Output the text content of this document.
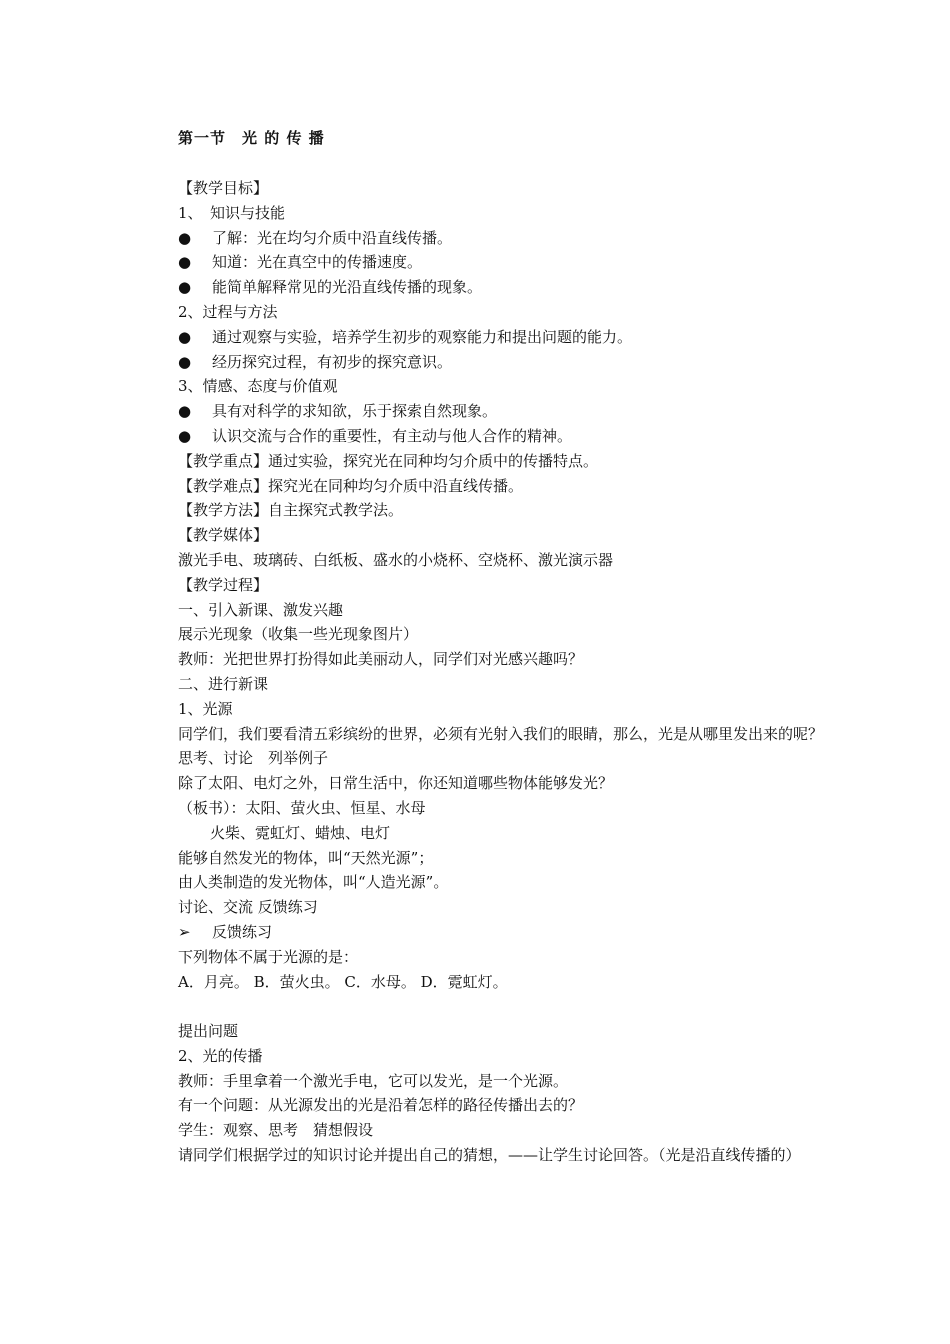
第一节　光 的 传 播
【教学目标】
1、　知识与技能
● 了解：光在均匀介质中沿直线传播。
● 知道：光在真空中的传播速度。
● 能简单解释常见的光沿直线传播的现象。
2、过程与方法
● 通过观察与实验，培养学生初步的观察能力和提出问题的能力。
● 经历探究过程，有初步的探究意识。
3、情感、态度与价值观
● 具有对科学的求知欲，乐于探索自然现象。
● 认识交流与合作的重要性，有主动与他人合作的精神。
【教学重点】通过实验，探究光在同种均匀介质中的传播特点。
【教学难点】探究光在同种均匀介质中沿直线传播。
【教学方法】自主探究式教学法。
【教学媒体】
激光手电、玻璃砖、白纸板、盛水的小烧杯、空烧杯、激光演示器
【教学过程】
一、引入新课、激发兴趣
展示光现象（收集一些光现象图片）
教师：光把世界打扮得如此美丽动人，同学们对光感兴趣吗？
二、进行新课
1、光源
同学们，我们要看清五彩缤纷的世界，必须有光射入我们的眼睛，那么，光是从哪里发出来的呢？
思考、讨论　列举例子
除了太阳、电灯之外，日常生活中，你还知道哪些物体能够发光？
（板书）：太阳、萤火虫、恒星、水母
火柴、霓虹灯、蜡烛、电灯
能够自然发光的物体，叫“天然光源”；
由人类制造的发光物体，叫“人造光源”。
讨论、交流 反馈练习
➢ 反馈练习
下列物体不属于光源的是：
A．月亮。 B．萤火虫。 C．水母。 D．霓虹灯。
提出问题
2、光的传播
教师：手里拿着一个激光手电，它可以发光，是一个光源。
有一个问题：从光源发出的光是沿着怎样的路径传播出去的？
学生：观察、思考　猜想假设
请同学们根据学过的知识讨论并提出自己的猜想，——让学生讨论回答。（光是沿直线传播的）
